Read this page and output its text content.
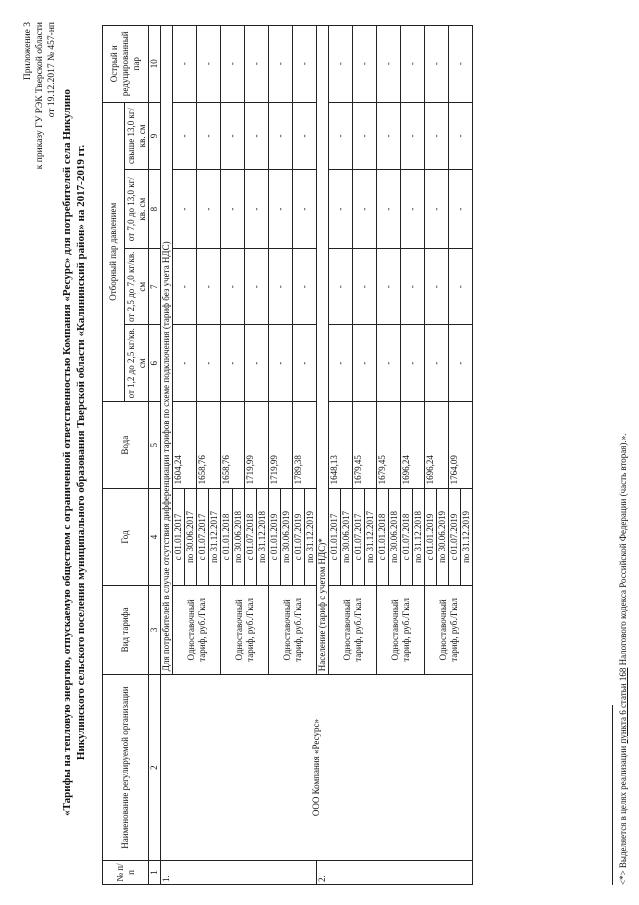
Приложение 3 к приказу ГУ РЭК Тверской области от 19.12.2017 № 457-нп
«Тарифы на тепловую энергию, отпускаемую обществом с ограниченной ответственностью Компания «Ресурс» для потребителей села Никулино Никулинского сельского поселения муниципального образования Тверской области «Калининский район» на 2017-2019 гг.
№ п/п	Наименование регулируемой организации	Вид тарифа	Год	Вода	Отборный пар давлением				Острый и редуцированный пар
					от 1,2 до 2,5 кг/кв. см	от 2,5 до 7,0 кг/кв. см	от 7,0 до 13,0 кг/кв. см	свыше 13,0 кг/кв. см	
1	2	3	4	5	6	7	8	9	10
1.	ООО Компания «Ресурс»	Для потребителей в случае отсутствия дифференциации тарифов по схеме подключения (тариф без учета НДС)							
		Одноставочный тариф, руб./Гкал	с 01.01.2017	1604,24	-	-	-	-	-
			по 30.06.2017						
			с 01.07.2017	1658,76	-	-	-	-	-
			по 31.12.2017						
		Одноставочный тариф, руб./Гкал	с 01.01.2018	1658,76	-	-	-	-	-
			по 30.06.2018						
			с 01.07.2018	1719,99	-	-	-	-	-
			по 31.12.2018						
		Одноставочный тариф, руб./Гкал	с 01.01.2019	1719,99	-	-	-	-	-
			по 30.06.2019						
			с 01.07.2019	1789,38	-	-	-	-	-
			по 31.12.2019						
2.		Население (тариф с учетом НДС)*							
		Одноставочный тариф, руб./Гкал	с 01.01.2017	1648,13	-	-	-	-	-
			по 30.06.2017						
			с 01.07.2017	1679,45	-	-	-	-	-
			по 31.12.2017						
		Одноставочный тариф, руб./Гкал	с 01.01.2018	1679,45	-	-	-	-	-
			по 30.06.2018						
			с 01.07.2018	1696,24	-	-	-	-	-
			по 31.12.2018						
		Одноставочный тариф, руб./Гкал	с 01.01.2019	1696,24	-	-	-	-	-
			по 30.06.2019						
			с 01.07.2019	1764,09	-	-	-	-	-
			по 31.12.2019						
<*> Выделяется в целях реализации пункта 6 статьи 168 Налогового кодекса Российской Федерации (часть вторая).».
